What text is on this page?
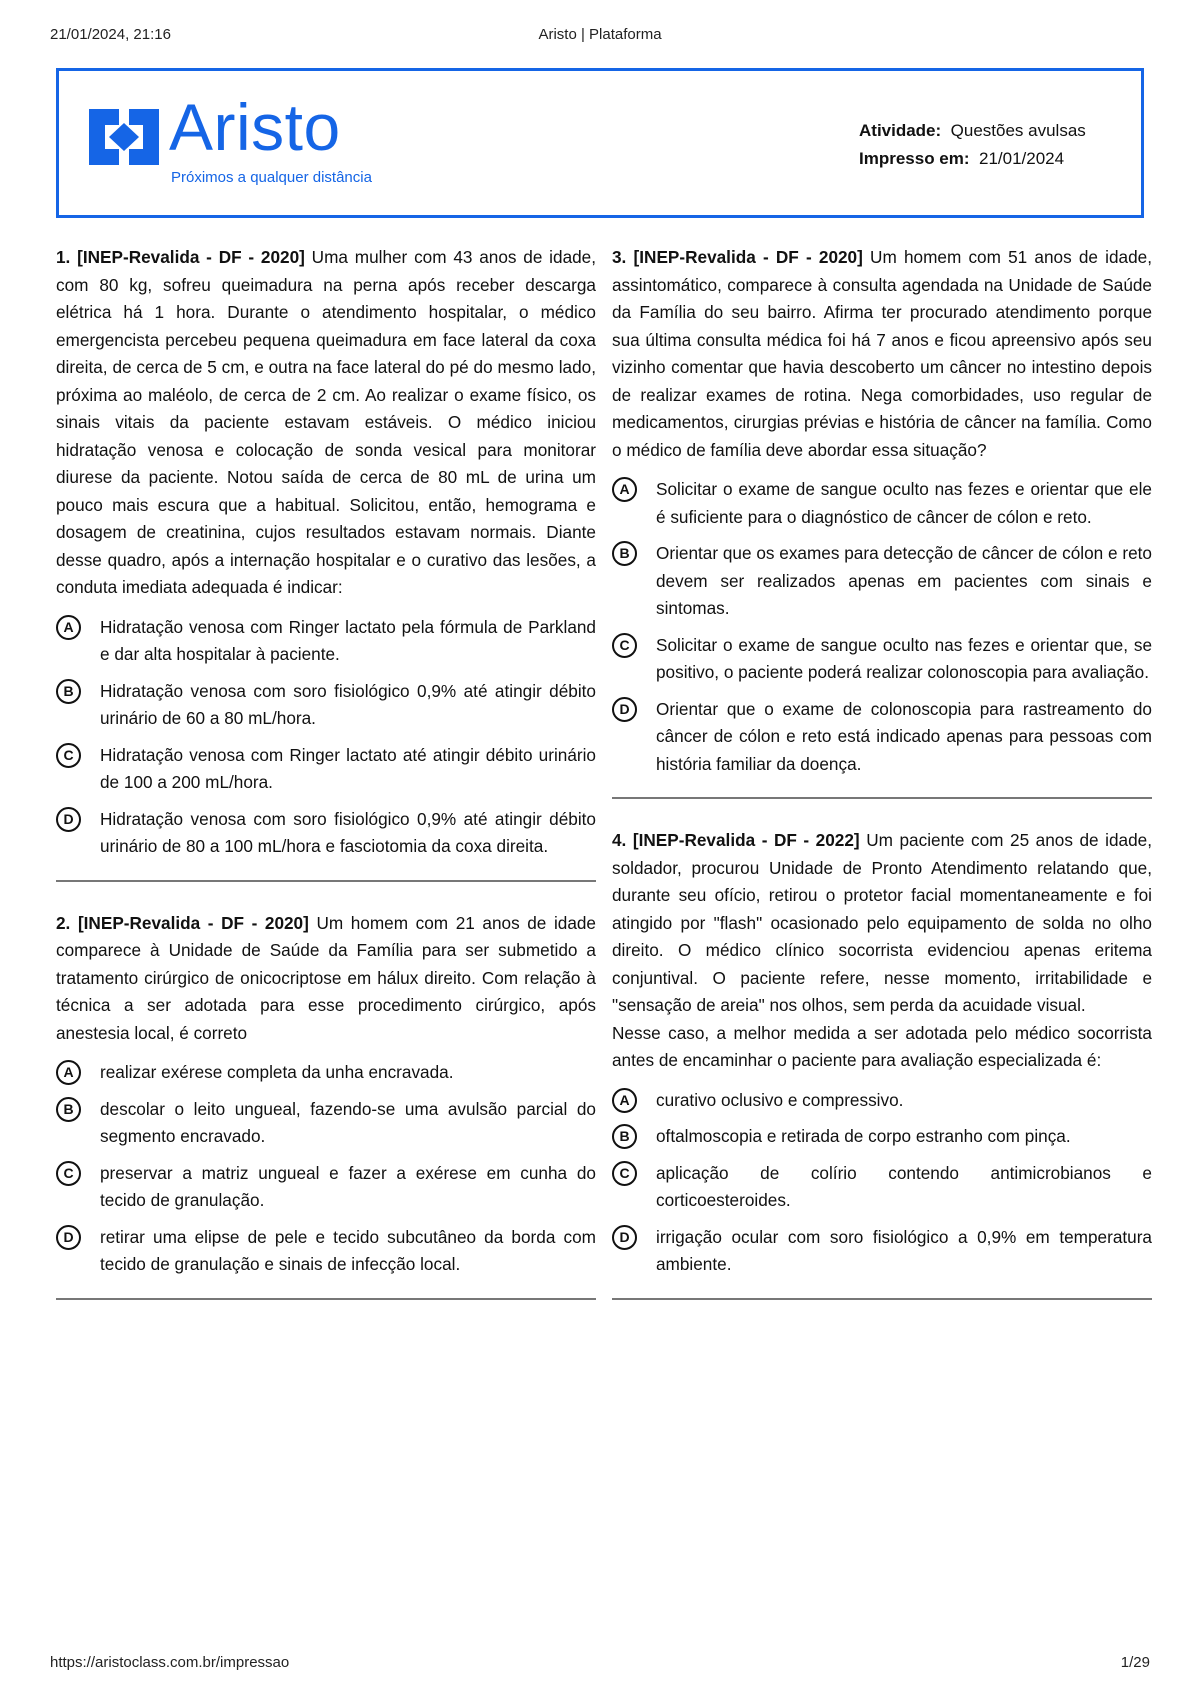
21/01/2024, 21:16	Aristo | Plataforma
Aristo
Próximos a qualquer distância
Atividade: Questões avulsas
Impresso em: 21/01/2024

1. [INEP-Revalida - DF - 2020] Uma mulher com 43 anos de idade, com 80 kg, sofreu queimadura na perna após receber descarga elétrica há 1 hora. Durante o atendimento hospitalar, o médico emergencista percebeu pequena queimadura em face lateral da coxa direita, de cerca de 5 cm, e outra na face lateral do pé do mesmo lado, próxima ao maléolo, de cerca de 2 cm. Ao realizar o exame físico, os sinais vitais da paciente estavam estáveis. O médico iniciou hidratação venosa e colocação de sonda vesical para monitorar diurese da paciente. Notou saída de cerca de 80 mL de urina um pouco mais escura que a habitual. Solicitou, então, hemograma e dosagem de creatinina, cujos resultados estavam normais. Diante desse quadro, após a internação hospitalar e o curativo das lesões, a conduta imediata adequada é indicar:

A	Hidratação venosa com Ringer lactato pela fórmula de Parkland e dar alta hospitalar à paciente.
B	Hidratação venosa com soro fisiológico 0,9% até atingir débito urinário de 60 a 80 mL/hora.
C	Hidratação venosa com Ringer lactato até atingir débito urinário de 100 a 200 mL/hora.
D	Hidratação venosa com soro fisiológico 0,9% até atingir débito urinário de 80 a 100 mL/hora e fasciotomia da coxa direita.

2. [INEP-Revalida - DF - 2020] Um homem com 21 anos de idade comparece à Unidade de Saúde da Família para ser submetido a tratamento cirúrgico de onicocriptose em hálux direito. Com relação à técnica a ser adotada para esse procedimento cirúrgico, após anestesia local, é correto

A	realizar exérese completa da unha encravada.
B	descolar o leito ungueal, fazendo-se uma avulsão parcial do segmento encravado.
C	preservar a matriz ungueal e fazer a exérese em cunha do tecido de granulação.
D	retirar uma elipse de pele e tecido subcutâneo da borda com tecido de granulação e sinais de infecção local.

3. [INEP-Revalida - DF - 2020] Um homem com 51 anos de idade, assintomático, comparece à consulta agendada na Unidade de Saúde da Família do seu bairro. Afirma ter procurado atendimento porque sua última consulta médica foi há 7 anos e ficou apreensivo após seu vizinho comentar que havia descoberto um câncer no intestino depois de realizar exames de rotina. Nega comorbidades, uso regular de medicamentos, cirurgias prévias e história de câncer na família. Como o médico de família deve abordar essa situação?

A	Solicitar o exame de sangue oculto nas fezes e orientar que ele é suficiente para o diagnóstico de câncer de cólon e reto.
B	Orientar que os exames para detecção de câncer de cólon e reto devem ser realizados apenas em pacientes com sinais e sintomas.
C	Solicitar o exame de sangue oculto nas fezes e orientar que, se positivo, o paciente poderá realizar colonoscopia para avaliação.
D	Orientar que o exame de colonoscopia para rastreamento do câncer de cólon e reto está indicado apenas para pessoas com história familiar da doença.

4. [INEP-Revalida - DF - 2022] Um paciente com 25 anos de idade, soldador, procurou Unidade de Pronto Atendimento relatando que, durante seu ofício, retirou o protetor facial momentaneamente e foi atingido por "flash" ocasionado pelo equipamento de solda no olho direito. O médico clínico socorrista evidenciou apenas eritema conjuntival. O paciente refere, nesse momento, irritabilidade e "sensação de areia" nos olhos, sem perda da acuidade visual.

Nesse caso, a melhor medida a ser adotada pelo médico socorrista antes de encaminhar o paciente para avaliação especializada é:

A	curativo oclusivo e compressivo.
B	oftalmoscopia e retirada de corpo estranho com pinça.
C	aplicação de colírio contendo antimicrobianos e corticoesteroides.
D	irrigação ocular com soro fisiológico a 0,9% em temperatura ambiente.
https://aristoclass.com.br/impressao	1/29
